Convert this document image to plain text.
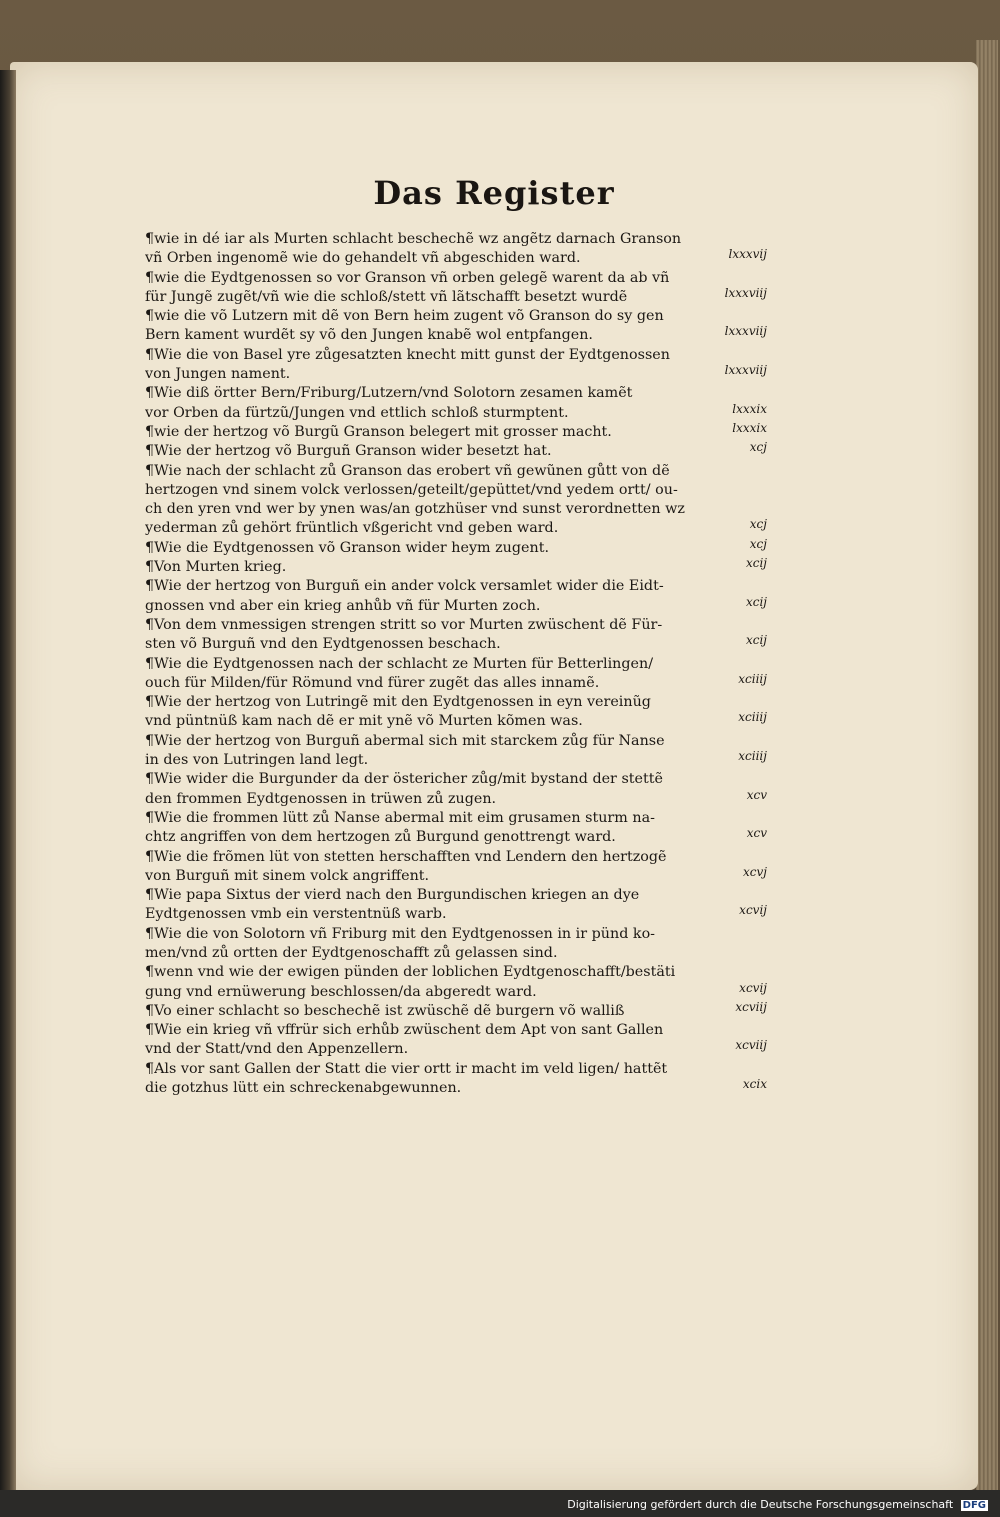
Das Register
¶wie in dé iar als Murten schlacht beschechẽ wz angẽtz darnach Granson
vñ Orben ingenomẽ wie do gehandelt vñ abgeschiden ward.	lxxxvij
¶wie die Eydtgenossen so vor Granson vñ orben gelegẽ warent da ab vñ
für Jungẽ zugẽt/vñ wie die schloß/stett vñ lãtschafft besetzt wurdẽ	lxxxviij
¶wie die võ Lutzern mit dẽ von Bern heim zugent võ Granson do sy gen
Bern kament wurdẽt sy võ den Jungen knabẽ wol entpfangen.	lxxxviij
¶Wie die von Basel yre zůgesatzten knecht mitt gunst der Eydtgenossen
von Jungen nament.	lxxxviij
¶Wie diß örtter Bern/Friburg/Lutzern/vnd Solotorn zesamen kamẽt
vor Orben da fürtzũ/Jungen vnd ettlich schloß sturmptent.	lxxxix
¶wie der hertzog võ Burgũ Granson belegert mit grosser macht.	lxxxix
¶Wie der hertzog võ Burguñ Granson wider besetzt hat.	xcj
¶Wie nach der schlacht zů Granson das erobert vñ gewũnen gůtt von dẽ
hertzogen vnd sinem volck verlossen/geteilt/gepüttet/vnd yedem ortt/ ou-
ch den yren vnd wer by ynen was/an gotzhüser vnd sunst verordnetten wz
yederman zů gehört früntlich vßgericht vnd geben ward.	xcj
¶Wie die Eydtgenossen võ Granson wider heym zugent.	xcj
¶Von Murten krieg.	xcij
¶Wie der hertzog von Burguñ ein ander volck versamlet wider die Eidt-
gnossen vnd aber ein krieg anhůb vñ für Murten zoch.	xcij
¶Von dem vnmessigen strengen stritt so vor Murten zwüschent dẽ Für-
sten võ Burguñ vnd den Eydtgenossen beschach.	xcij
¶Wie die Eydtgenossen nach der schlacht ze Murten für Betterlingen/
ouch für Milden/für Römund vnd fürer zugẽt das alles innamẽ.	xciiij
¶Wie der hertzog von Lutringẽ mit den Eydtgenossen in eyn vereinũg
vnd püntnüß kam nach dẽ er mit ynẽ võ Murten kõmen was.	xciiij
¶Wie der hertzog von Burguñ abermal sich mit starckem zůg für Nanse
in des von Lutringen land legt.	xciiij
¶Wie wider die Burgunder da der östericher zůg/mit bystand der stettẽ
den frommen Eydtgenossen in trüwen zů zugen.	xcv
¶Wie die frommen lütt zů Nanse abermal mit eim grusamen sturm na-
chtz angriffen von dem hertzogen zů Burgund genottrengt ward.	xcv
¶Wie die frõmen lüt von stetten herschafften vnd Lendern den hertzogẽ
von Burguñ mit sinem volck angriffent.	xcvj
¶Wie papa Sixtus der vierd nach den Burgundischen kriegen an dye
Eydtgenossen vmb ein verstentnüß warb.	xcvij
¶Wie die von Solotorn vñ Friburg mit den Eydtgenossen in ir pünd ko-
men/vnd zů ortten der Eydtgenoschafft zů gelassen sind.
¶wenn vnd wie der ewigen pünden der loblichen Eydtgenoschafft/bestäti
gung vnd ernüwerung beschlossen/da abgeredt ward.	xcvij
¶Vo einer schlacht so beschechẽ ist zwüschẽ dẽ burgern võ walliß	xcviij
¶Wie ein krieg vñ vffrür sich erhůb zwüschent dem Apt von sant Gallen
vnd der Statt/vnd den Appenzellern.	xcviij
¶Als vor sant Gallen der Statt die vier ortt ir macht im veld ligen/ hattẽt
die gotzhus lütt ein schreckenabgewunnen.	xcix
Digitalisierung gefördert durch die Deutsche Forschungsgemeinschaft DFG
